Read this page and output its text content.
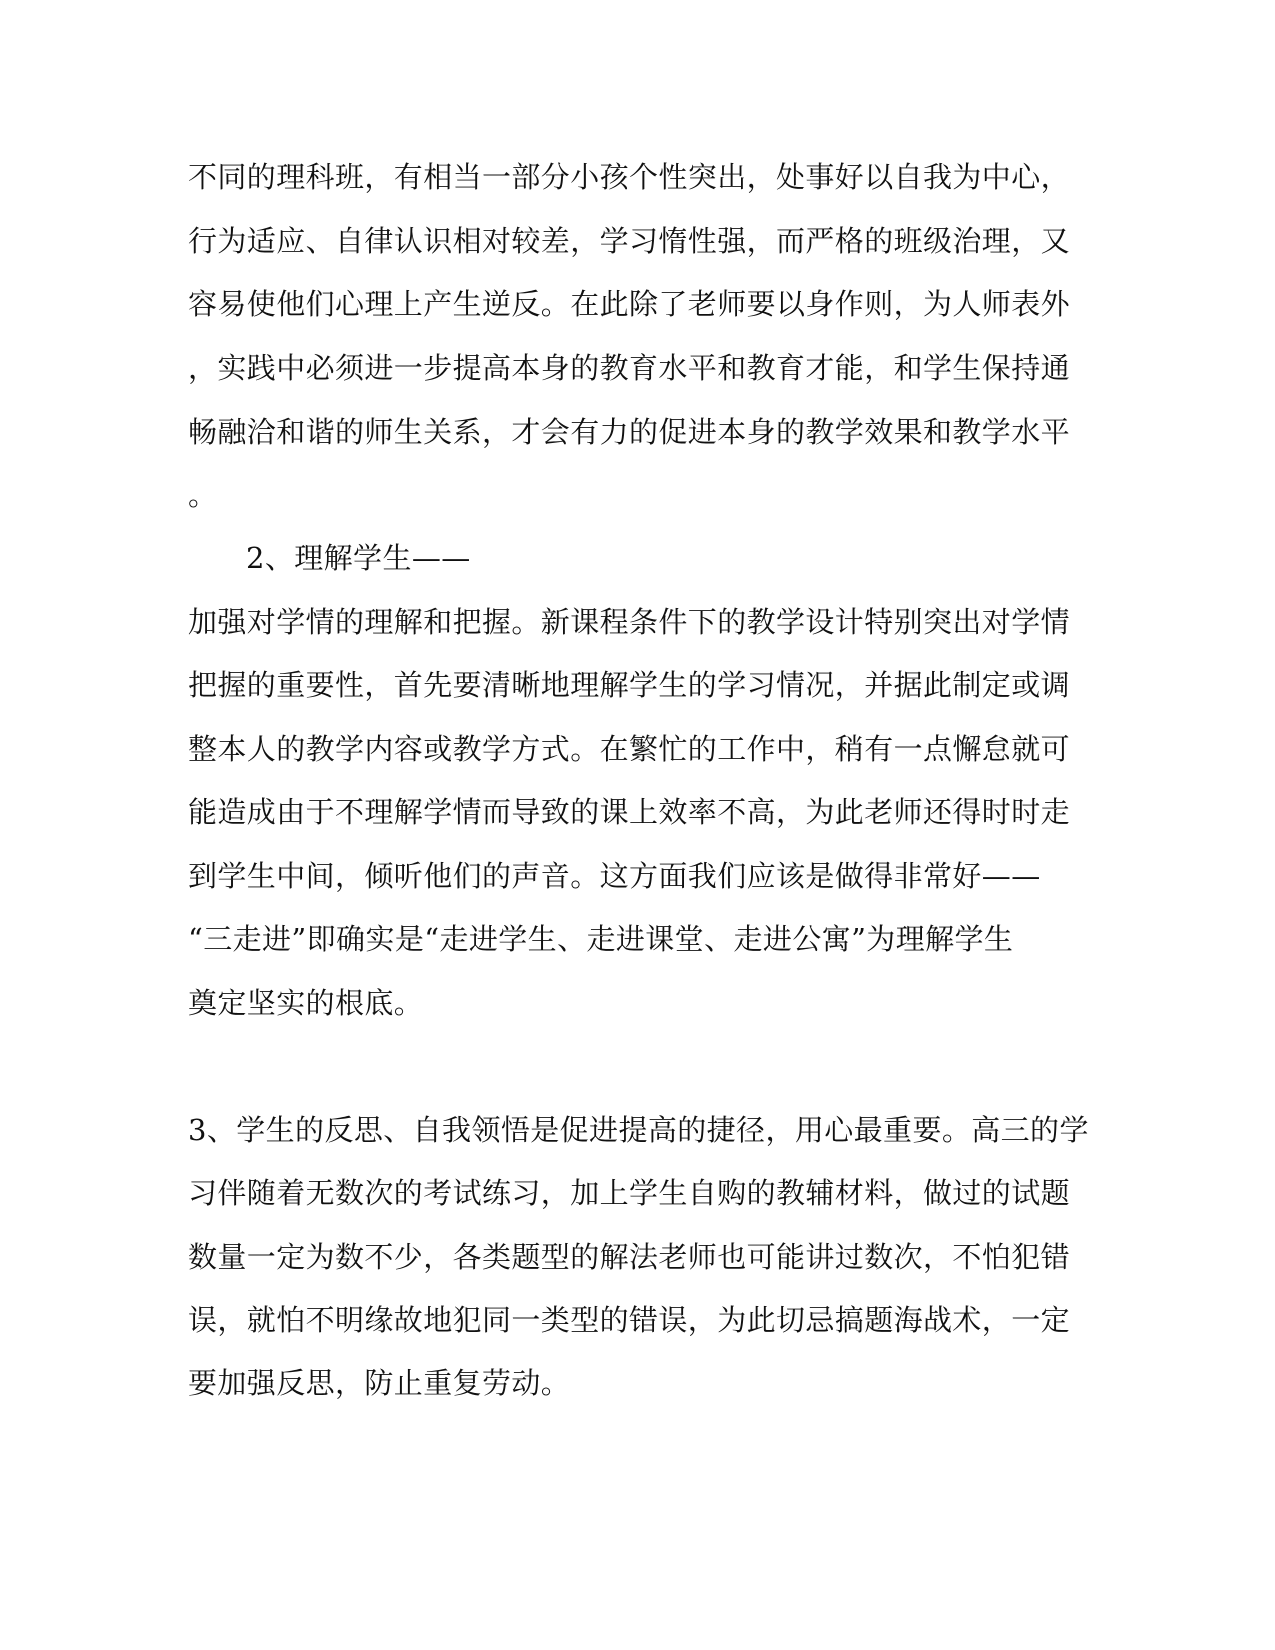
不同的理科班，有相当一部分小孩个性突出，处事好以自我为中心，
行为适应、自律认识相对较差，学习惰性强，而严格的班级治理，又
容易使他们心理上产生逆反。在此除了老师要以身作则，为人师表外
，实践中必须进一步提高本身的教育水平和教育才能，和学生保持通
畅融洽和谐的师生关系，才会有力的促进本身的教学效果和教学水平
。
2、理解学生——
加强对学情的理解和把握。新课程条件下的教学设计特别突出对学情
把握的重要性，首先要清晰地理解学生的学习情况，并据此制定或调
整本人的教学内容或教学方式。在繁忙的工作中，稍有一点懈怠就可
能造成由于不理解学情而导致的课上效率不高，为此老师还得时时走
到学生中间，倾听他们的声音。这方面我们应该是做得非常好——
“三走进”即确实是“走进学生、走进课堂、走进公寓”为理解学生
奠定坚实的根底。
3、学生的反思、自我领悟是促进提高的捷径，用心最重要。高三的学
习伴随着无数次的考试练习，加上学生自购的教辅材料，做过的试题
数量一定为数不少，各类题型的解法老师也可能讲过数次，不怕犯错
误，就怕不明缘故地犯同一类型的错误，为此切忌搞题海战术，一定
要加强反思，防止重复劳动。
